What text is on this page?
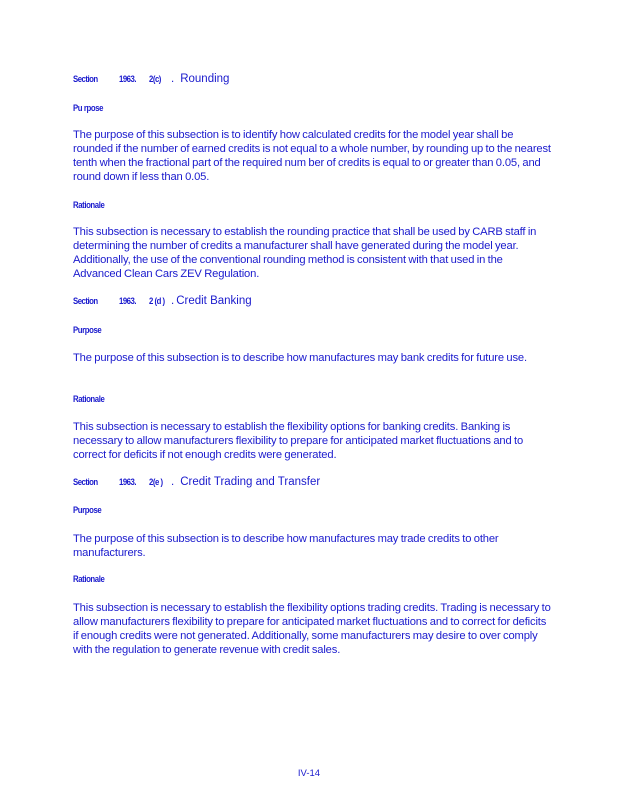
Section	1963.	2(c) . Rounding
Pu rpose
The purpose of this subsection is to identify how calculated credits for the model year shall be rounded if the number of earned credits is not equal to a whole number, by rounding up to the nearest tenth when the fractional part of the required num ber of credits is equal to or greater than 0.05, and round down if less than 0.05.
Rationale
This subsection is necessary to establish the rounding practice that shall be used by CARB staff in determining the number of credits a manufacturer shall have generated during the model year. Additionally, the use of the conventional rounding method is consistent with that used in the Advanced Clean Cars ZEV Regulation.
Section	1963.	2 (d ) . Credit Banking
Purpose
The purpose of this subsection is to describe how manufactures may bank credits for future use.
Rationale
This subsection is necessary to establish the flexibility options for banking credits. Banking is necessary to allow manufacturers flexibility to prepare for anticipated market fluctuations and to correct for deficits if not enough credits were generated.
Section	1963.	2(e ) . Credit Trading and Transfer
Purpose
The purpose of this subsection is to describe how manufactures may trade credits to other manufacturers.
Rationale
This subsection is necessary to establish the flexibility options trading credits. Trading is necessary to allow manufacturers flexibility to prepare for anticipated market fluctuations and to correct for deficits if enough credits were not generated. Additionally, some manufacturers may desire to over comply with the regulation to generate revenue with credit sales.
IV-14
